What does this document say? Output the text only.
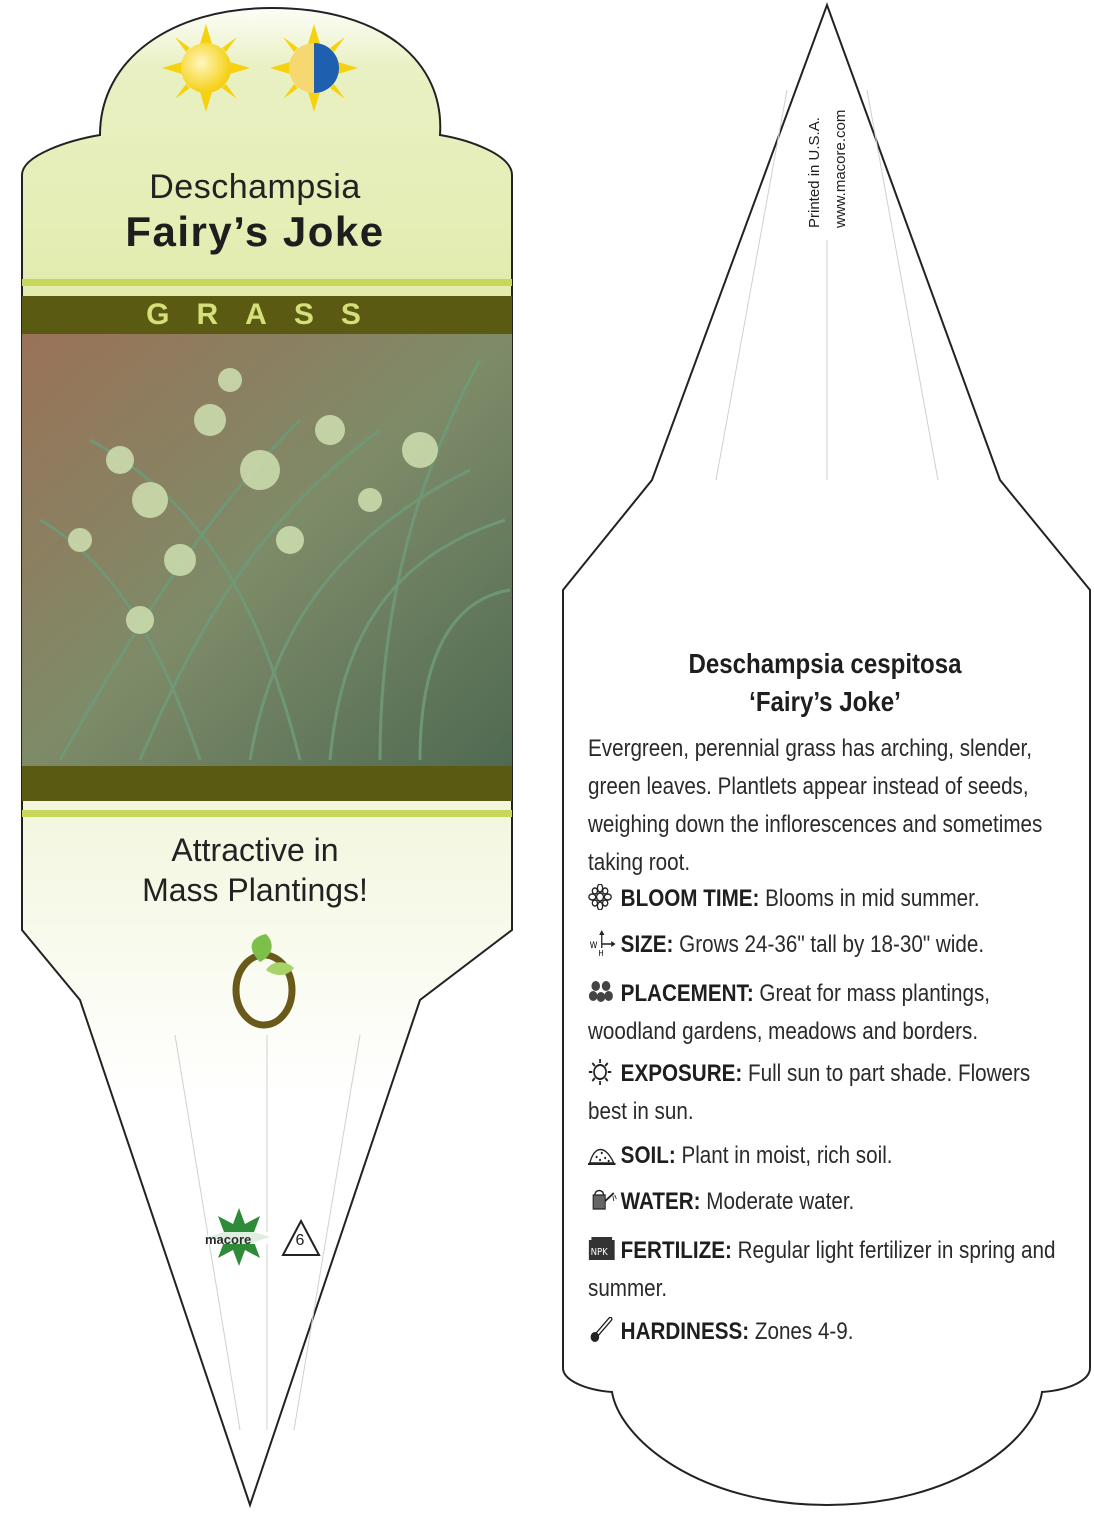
Deschampsia
Fairy’s Joke
GRASS
Attractive in
Mass Plantings!
macore	6
Printed in U.S.A. www.macore.com
Deschampsia cespitosa
‘Fairy’s Joke’
Evergreen, perennial grass has arching, slender, green leaves. Plantlets appear instead of seeds, weighing down the inflorescences and sometimes taking root.
BLOOM TIME: Blooms in mid summer.
W
H SIZE: Grows 24-36" tall by 18-30" wide.
PLACEMENT: Great for mass plantings, woodland gardens, meadows and borders.
EXPOSURE: Full sun to part shade. Flowers best in sun.
SOIL: Plant in moist, rich soil.
WATER: Moderate water.
NPK FERTILIZE: Regular light fertilizer in spring and summer.
HARDINESS: Zones 4-9.
